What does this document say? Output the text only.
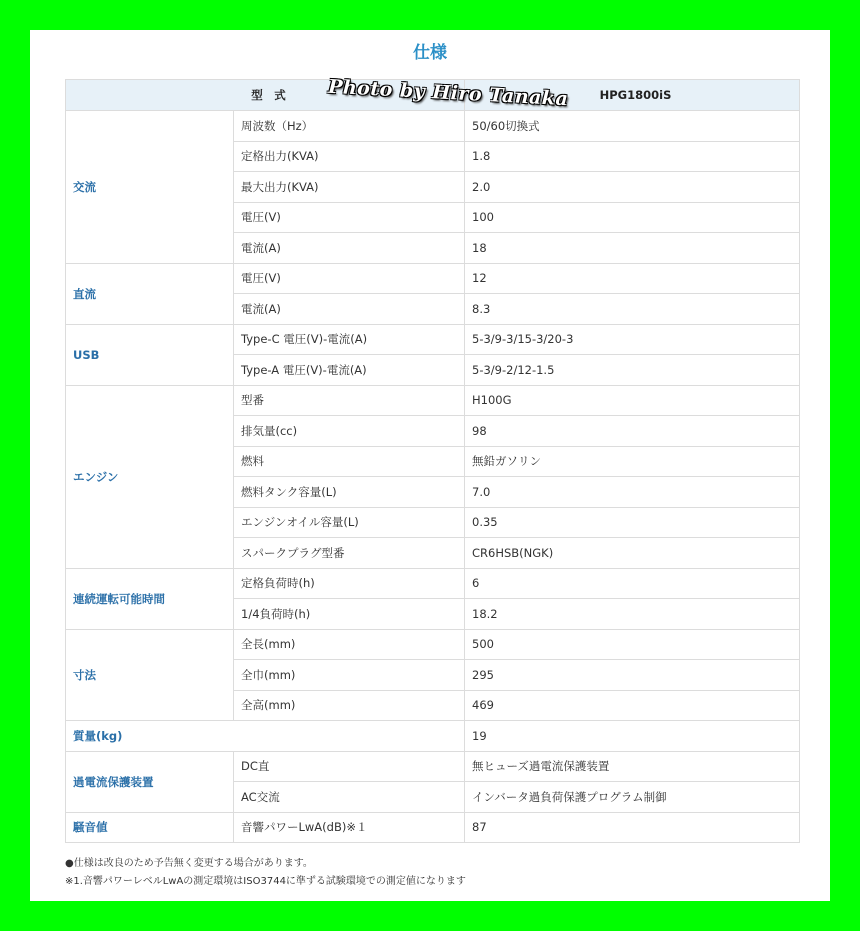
仕様
型　式		HPG1800iS
交流	周波数（Hz）	50/60切換式
	定格出力(KVA)	1.8
	最大出力(KVA)	2.0
	電圧(V)	100
	電流(A)	18
直流	電圧(V)	12
	電流(A)	8.3
USB	Type-C 電圧(V)-電流(A)	5-3/9-3/15-3/20-3
	Type-A 電圧(V)-電流(A)	5-3/9-2/12-1.5
エンジン	型番	H100G
	排気量(cc)	98
	燃料	無鉛ガソリン
	燃料タンク容量(L)	7.0
	エンジンオイル容量(L)	0.35
	スパークプラグ型番	CR6HSB(NGK)
連続運転可能時間	定格負荷時(h)	6
	1/4負荷時(h)	18.2
寸法	全長(mm)	500
	全巾(mm)	295
	全高(mm)	469
質量(kg)		19
過電流保護装置	DC直	無ヒューズ過電流保護装置
	AC交流	インバータ過負荷保護プログラム制御
騒音値	音響パワーLwA(dB)※１	87
Photo by Hiro Tanaka
●仕様は改良のため予告無く変更する場合があります。
※1.音響パワーレベルLwAの測定環境はISO3744に準ずる試験環境での測定値になります
